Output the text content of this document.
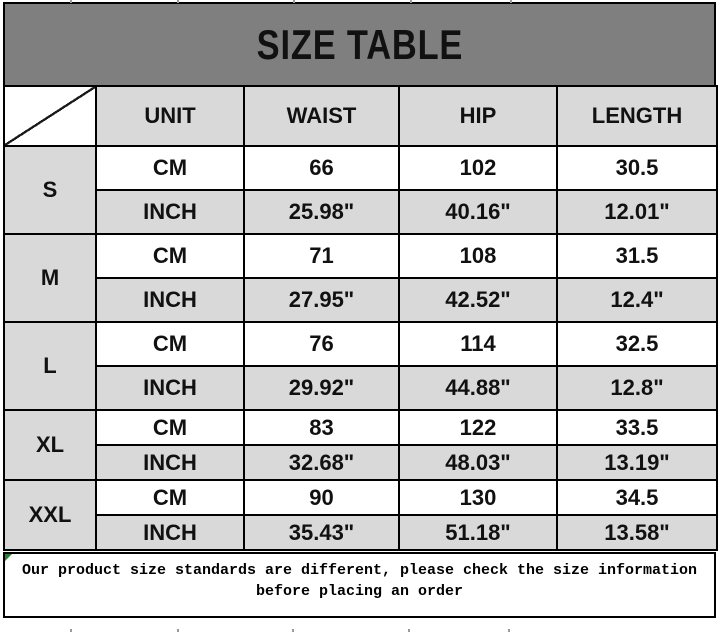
SIZE TABLE
	UNIT	WAIST	HIP	LENGTH
S	CM	66	102	30.5
	INCH	25.98"	40.16"	12.01"
M	CM	71	108	31.5
	INCH	27.95"	42.52"	12.4"
L	CM	76	114	32.5
	INCH	29.92"	44.88"	12.8"
XL	CM	83	122	33.5
	INCH	32.68"	48.03"	13.19"
XXL	CM	90	130	34.5
	INCH	35.43"	51.18"	13.58"
Our product size standards are different, please check the size information
before placing an order
